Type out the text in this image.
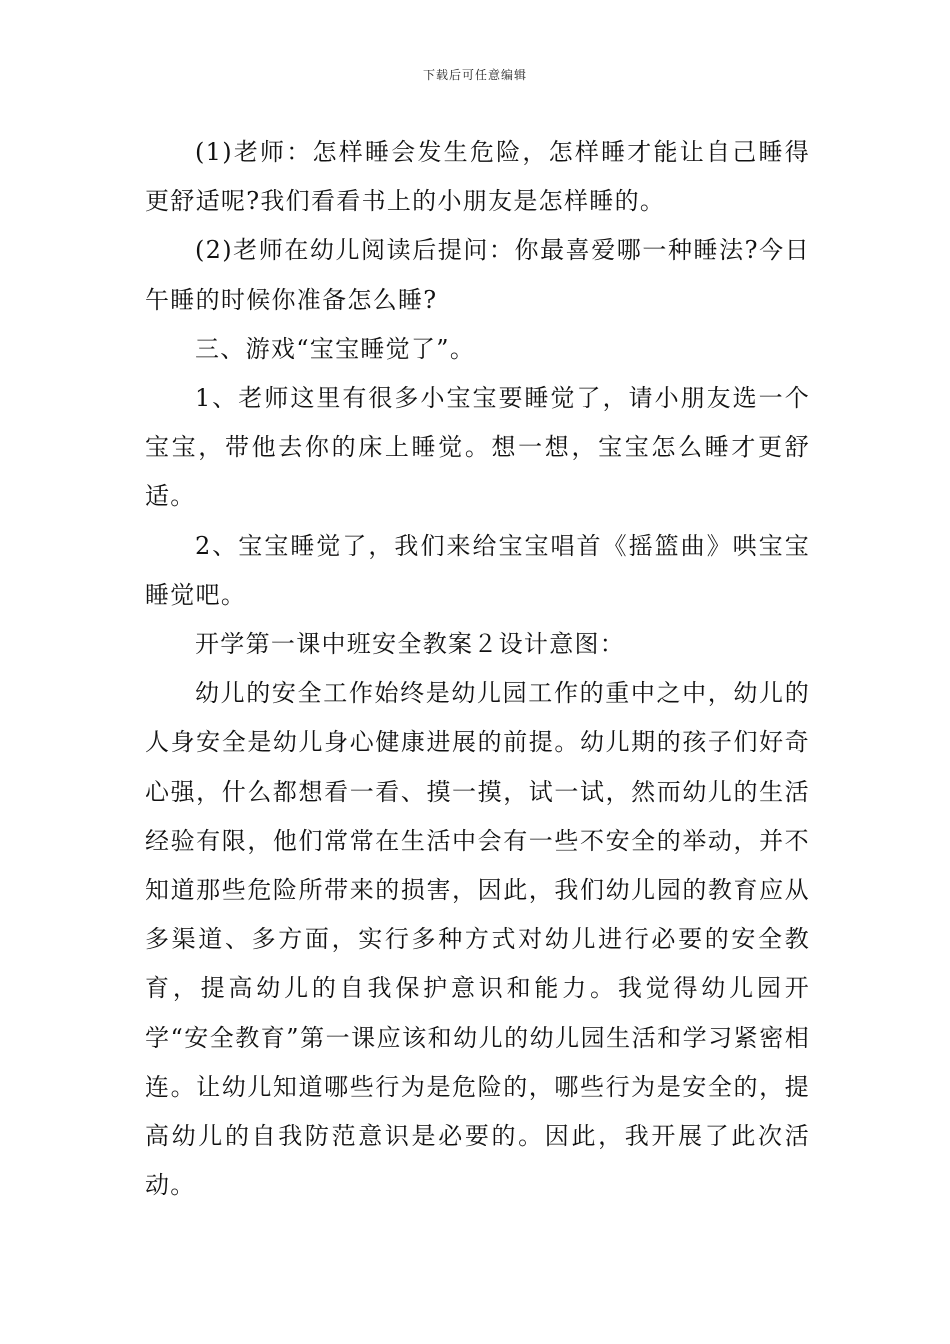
下载后可任意编辑

(1)老师：怎样睡会发生危险，怎样睡才能让自己睡得更舒适呢?我们看看书上的小朋友是怎样睡的。

(2)老师在幼儿阅读后提问：你最喜爱哪一种睡法?今日午睡的时候你准备怎么睡?

三、游戏“宝宝睡觉了”。

1、老师这里有很多小宝宝要睡觉了，请小朋友选一个宝宝，带他去你的床上睡觉。想一想，宝宝怎么睡才更舒适。

2、宝宝睡觉了，我们来给宝宝唱首《摇篮曲》哄宝宝睡觉吧。

开学第一课中班安全教案２设计意图：

幼儿的安全工作始终是幼儿园工作的重中之中，幼儿的人身安全是幼儿身心健康进展的前提。幼儿期的孩子们好奇心强，什么都想看一看、摸一摸，试一试，然而幼儿的生活经验有限，他们常常在生活中会有一些不安全的举动，并不知道那些危险所带来的损害，因此，我们幼儿园的教育应从多渠道、多方面，实行多种方式对幼儿进行必要的安全教育，提高幼儿的自我保护意识和能力。我觉得幼儿园开学“安全教育”第一课应该和幼儿的幼儿园生活和学习紧密相连。让幼儿知道哪些行为是危险的，哪些行为是安全的，提高幼儿的自我防范意识是必要的。因此，我开展了此次活动。
